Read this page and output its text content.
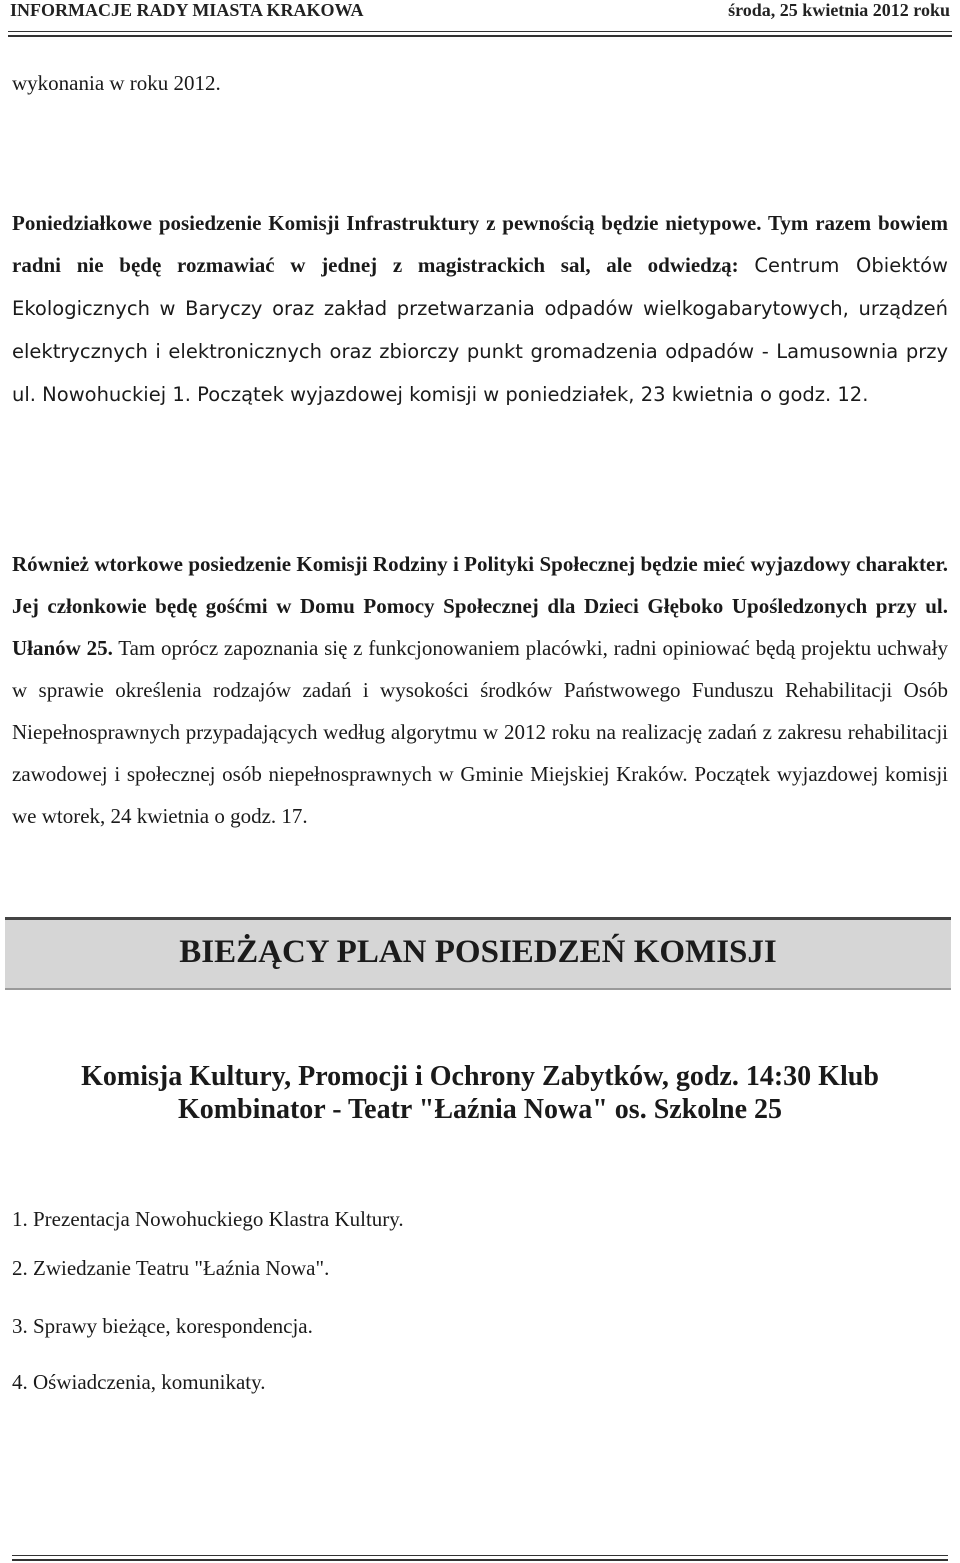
INFORMACJE RADY MIASTA KRAKOWA	środa, 25 kwietnia 2012 roku
wykonania w roku 2012.
Poniedziałkowe posiedzenie Komisji Infrastruktury z pewnością będzie nietypowe. Tym razem bowiem radni nie będę rozmawiać w jednej z magistrackich sal, ale odwiedzą: Centrum Obiektów Ekologicznych w Baryczy oraz zakład przetwarzania odpadów wielkogabarytowych, urządzeń elektrycznych i elektronicznych oraz zbiorczy punkt gromadzenia odpadów - Lamusownia przy ul. Nowohuckiej 1. Początek wyjazdowej komisji w poniedziałek, 23 kwietnia o godz. 12.
Również wtorkowe posiedzenie Komisji Rodziny i Polityki Społecznej będzie mieć wyjazdowy charakter. Jej członkowie będę gośćmi w Domu Pomocy Społecznej dla Dzieci Głęboko Upośledzonych przy ul. Ułanów 25. Tam oprócz zapoznania się z funkcjonowaniem placówki, radni opiniować będą projektu uchwały w sprawie określenia rodzajów zadań i wysokości środków Państwowego Funduszu Rehabilitacji Osób Niepełnosprawnych przypadających według algorytmu w 2012 roku na realizację zadań z zakresu rehabilitacji zawodowej i społecznej osób niepełnosprawnych w Gminie Miejskiej Kraków. Początek wyjazdowej komisji we wtorek, 24 kwietnia o godz. 17.
BIEŻĄCY PLAN POSIEDZEŃ KOMISJI
Komisja Kultury, Promocji i Ochrony Zabytków, godz. 14:30 Klub Kombinator - Teatr "Łaźnia Nowa" os. Szkolne 25
1. Prezentacja Nowohuckiego Klastra Kultury.
2. Zwiedzanie Teatru "Łaźnia Nowa".
3. Sprawy bieżące, korespondencja.
4. Oświadczenia, komunikaty.
